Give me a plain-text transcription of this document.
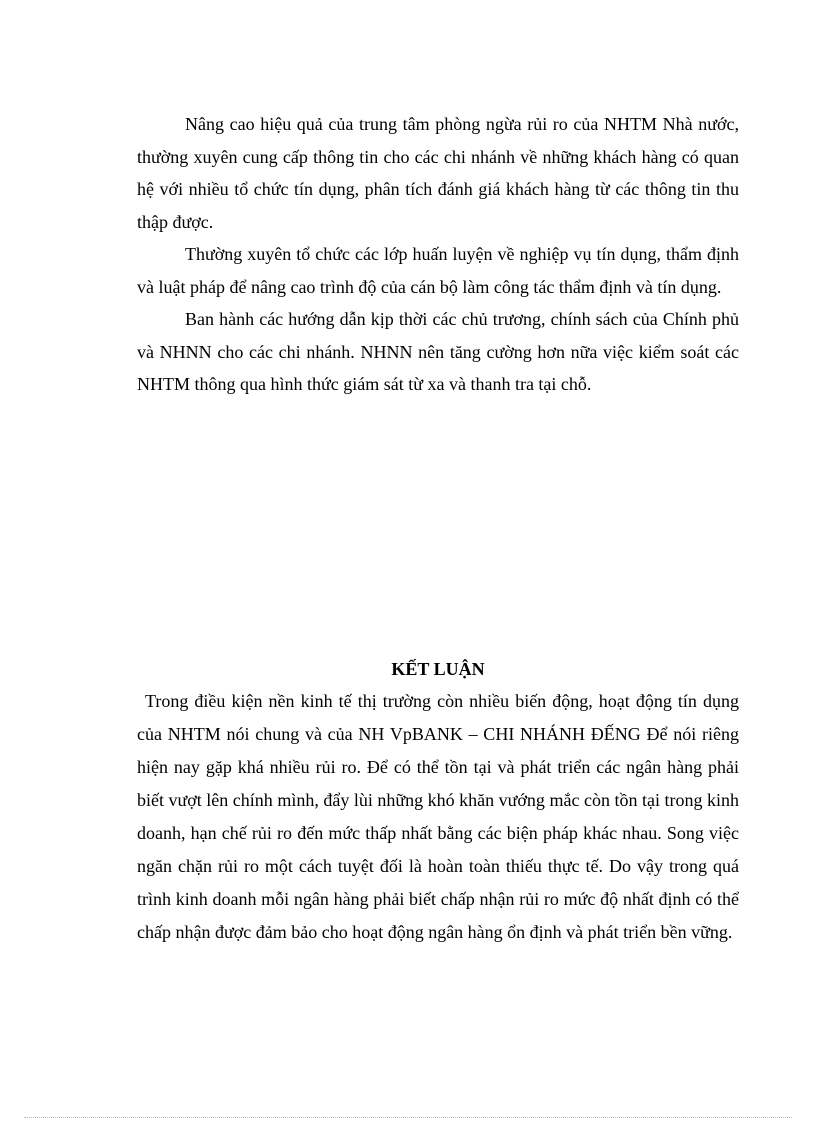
Nâng cao hiệu quả của trung tâm phòng ngừa rủi ro của NHTM Nhà nước, thường xuyên cung cấp thông tin cho các chi nhánh về những khách hàng có quan hệ với nhiều tổ chức tín dụng, phân tích đánh giá khách hàng từ các thông tin thu thập được.

Thường xuyên tổ chức các lớp huấn luyện về nghiệp vụ tín dụng, thẩm định và luật pháp để nâng cao trình độ của cán bộ làm công tác thẩm định và tín dụng.

Ban hành các hướng dẫn kịp thời các chủ trương, chính sách của Chính phủ và NHNN cho các chi nhánh. NHNN nên tăng cường hơn nữa việc kiểm soát các NHTM thông qua hình thức giám sát từ xa và thanh tra tại chỗ.

KẾT LUẬN

Trong điều kiện nền kinh tế thị trường còn nhiều biến động, hoạt động tín dụng của NHTM nói chung và của NH VpBANK – CHI NHÁNH ĐẾNG Để nói riêng hiện nay gặp khá nhiều rủi ro. Để có thể tồn tại và phát triển các ngân hàng phải biết vượt lên chính mình, đẩy lùi những khó khăn vướng mắc còn tồn tại trong kinh doanh, hạn chế rủi ro đến mức thấp nhất bằng các biện pháp khác nhau. Song việc ngăn chặn rủi ro một cách tuyệt đối là hoàn toàn thiếu thực tế. Do vậy trong quá trình kinh doanh mỗi ngân hàng phải biết chấp nhận rủi ro mức độ nhất định có thể chấp nhận được đảm bảo cho hoạt động ngân hàng ổn định và phát triển bền vững.
